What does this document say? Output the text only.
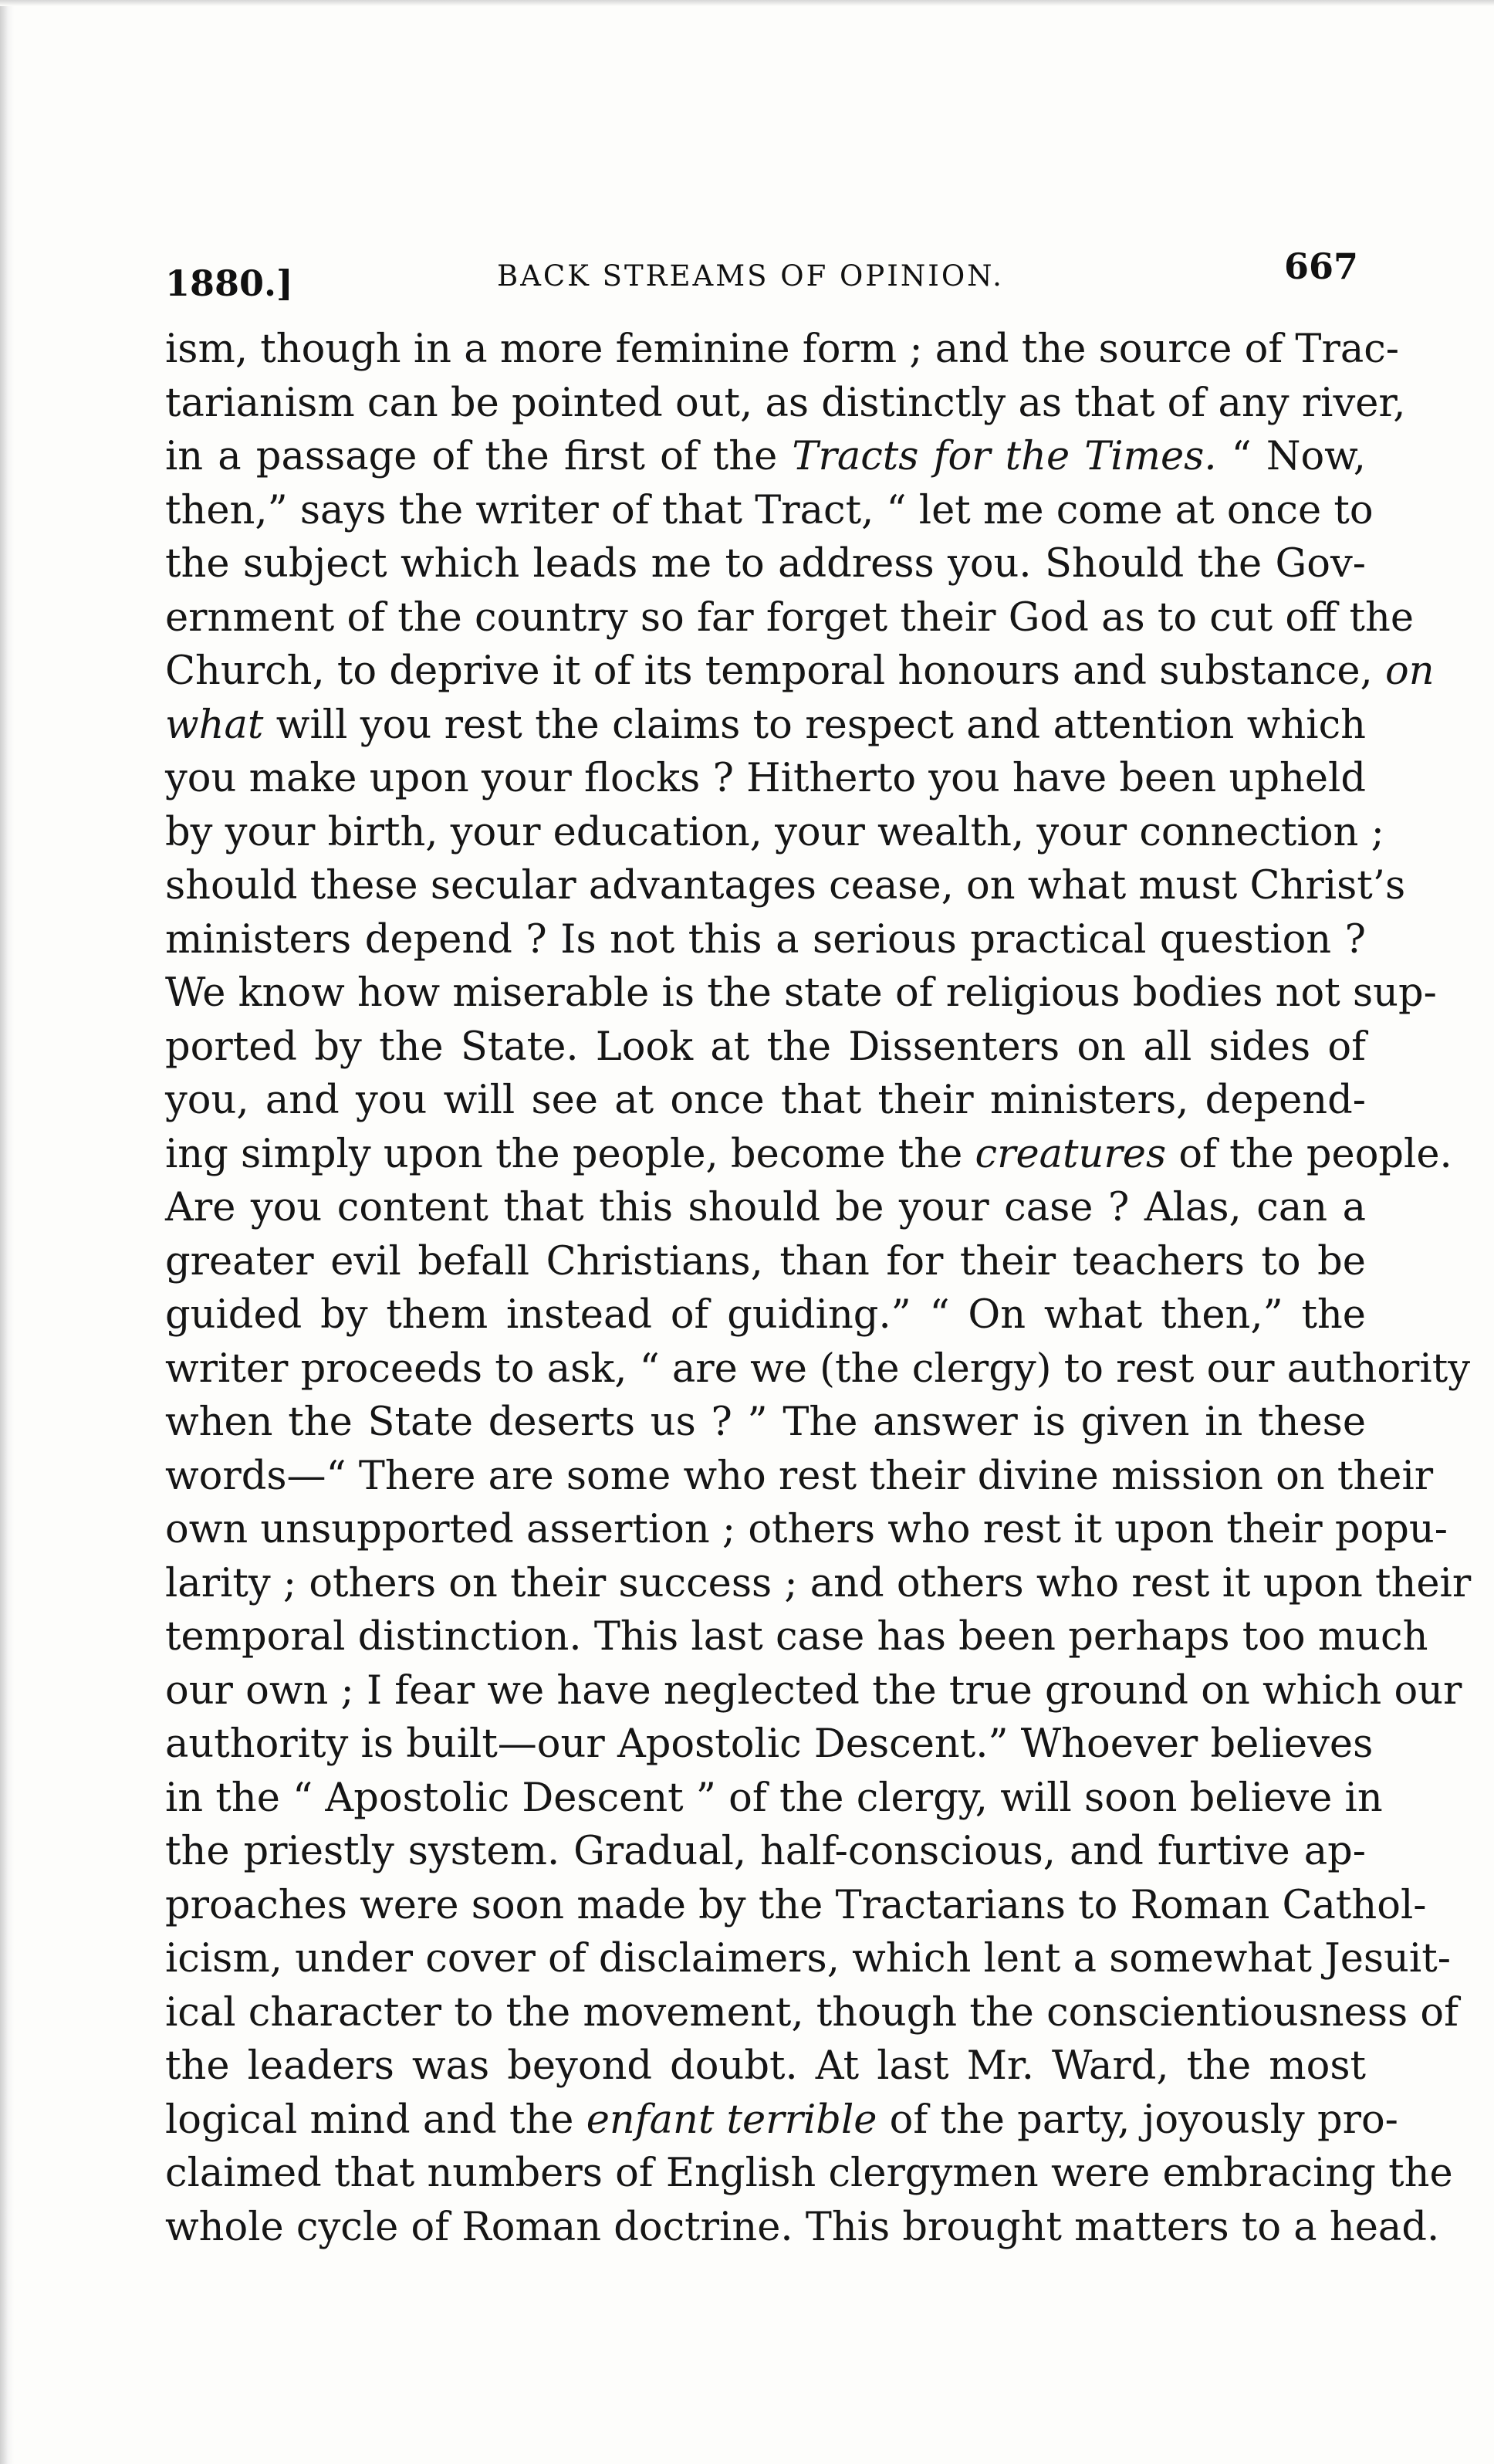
1880.]	BACK STREAMS OF OPINION.	667
ism, though in a more feminine form ; and the source of Trac-
tarianism can be pointed out, as distinctly as that of any river,
in a passage of the first of the Tracts for the Times. “ Now,
then,” says the writer of that Tract, “ let me come at once to
the subject which leads me to address you. Should the Gov-
ernment of the country so far forget their God as to cut off the
Church, to deprive it of its temporal honours and substance, on
what will you rest the claims to respect and attention which
you make upon your flocks ? Hitherto you have been upheld
by your birth, your education, your wealth, your connection ;
should these secular advantages cease, on what must Christ’s
ministers depend ? Is not this a serious practical question ?
We know how miserable is the state of religious bodies not sup-
ported by the State. Look at the Dissenters on all sides of
you, and you will see at once that their ministers, depend-
ing simply upon the people, become the creatures of the people.
Are you content that this should be your case ? Alas, can a
greater evil befall Christians, than for their teachers to be
guided by them instead of guiding.” “ On what then,” the
writer proceeds to ask, “ are we (the clergy) to rest our authority
when the State deserts us ? ” The answer is given in these
words—“ There are some who rest their divine mission on their
own unsupported assertion ; others who rest it upon their popu-
larity ; others on their success ; and others who rest it upon their
temporal distinction. This last case has been perhaps too much
our own ; I fear we have neglected the true ground on which our
authority is built—our Apostolic Descent.” Whoever believes
in the “ Apostolic Descent ” of the clergy, will soon believe in
the priestly system. Gradual, half-conscious, and furtive ap-
proaches were soon made by the Tractarians to Roman Cathol-
icism, under cover of disclaimers, which lent a somewhat Jesuit-
ical character to the movement, though the conscientiousness of
the leaders was beyond doubt. At last Mr. Ward, the most
logical mind and the enfant terrible of the party, joyously pro-
claimed that numbers of English clergymen were embracing the
whole cycle of Roman doctrine. This brought matters to a head.
